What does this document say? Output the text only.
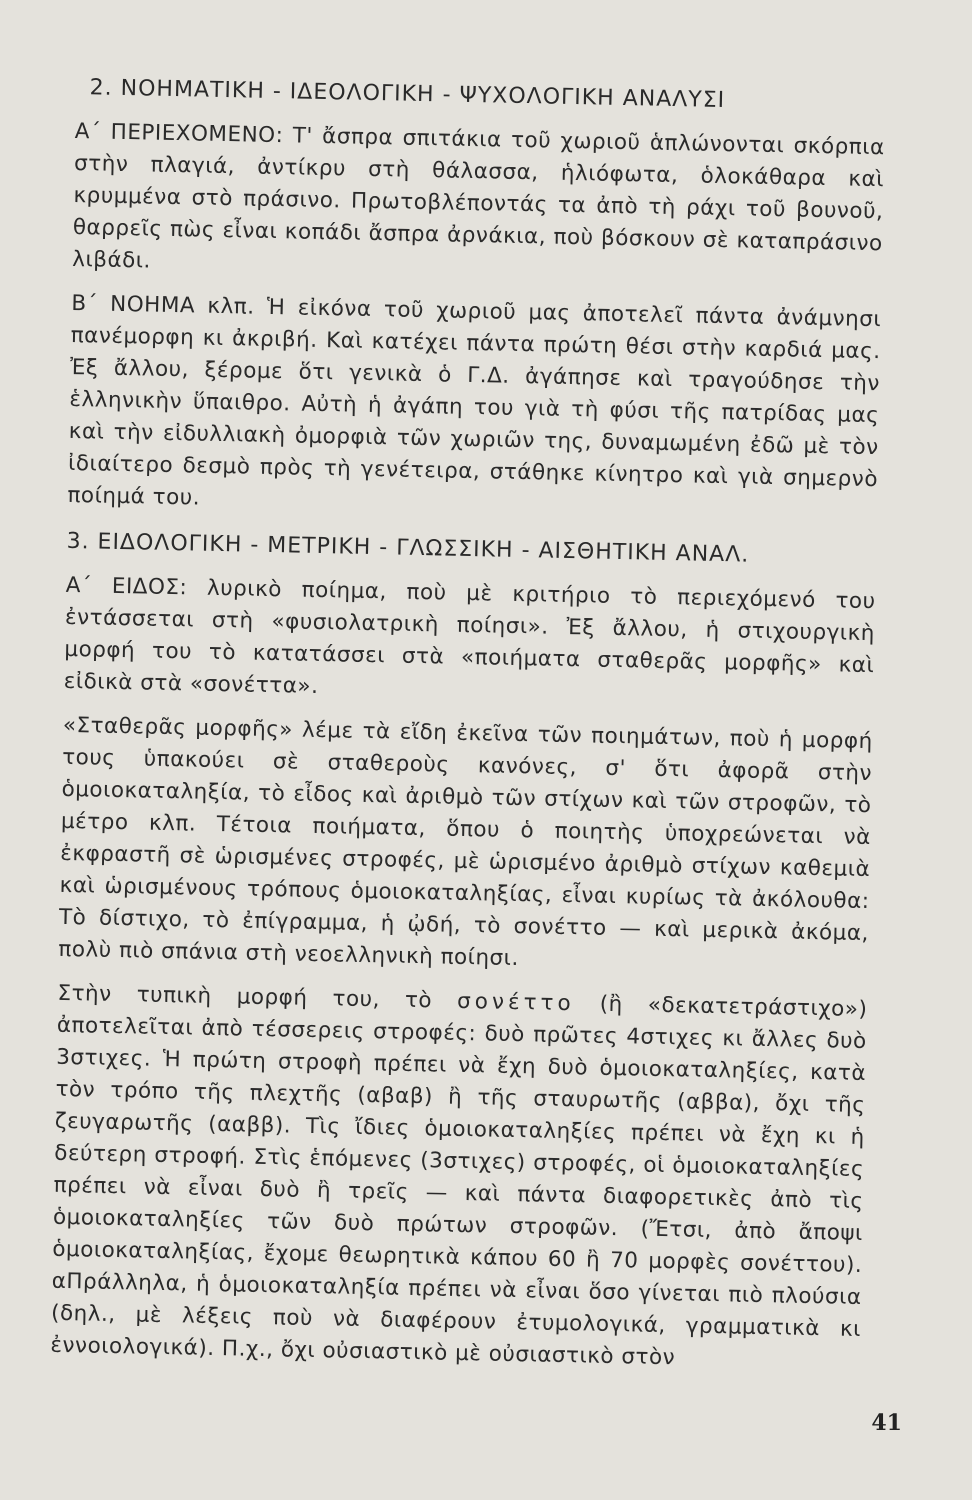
2. ΝΟΗΜΑΤΙΚΗ - ΙΔΕΟΛΟΓΙΚΗ - ΨΥΧΟΛΟΓΙΚΗ ΑΝΑΛΥΣΙ

Α΄ ΠΕΡΙΕΧΟΜΕΝΟ: Τ' ἄσπρα σπιτάκια τοῦ χωριοῦ ἁπλώνονται σκόρπια στὴν πλαγιά, ἀντίκρυ στὴ θάλασσα, ἡλιόφωτα, ὁλοκάθαρα καὶ κρυμμένα στὸ πράσινο. Πρωτοβλέποντάς τα ἀπὸ τὴ ράχι τοῦ βουνοῦ, θαρρεῖς πὼς εἶναι κοπάδι ἄσπρα ἀρνάκια, ποὺ βόσκουν σὲ καταπράσινο λιβάδι.

Β΄ ΝΟΗΜΑ κλπ. Ἡ εἰκόνα τοῦ χωριοῦ μας ἀποτελεῖ πάντα ἀνάμνησι πανέμορφη κι ἀκριβή. Καὶ κατέχει πάντα πρώτη θέσι στὴν καρδιά μας. Ἐξ ἄλλου, ξέρομε ὅτι γενικὰ ὁ Γ.Δ. ἀγάπησε καὶ τραγούδησε τὴν ἑλληνικὴν ὕπαιθρο. Αὐτὴ ἡ ἀγάπη του γιὰ τὴ φύσι τῆς πατρίδας μας καὶ τὴν εἰδυλλιακὴ ὀμορφιὰ τῶν χωριῶν της, δυναμωμένη ἐδῶ μὲ τὸν ἰδιαίτερο δεσμὸ πρὸς τὴ γενέτειρα, στάθηκε κίνητρο καὶ γιὰ σημερνὸ ποίημά του.

3. ΕΙΔΟΛΟΓΙΚΗ - ΜΕΤΡΙΚΗ - ΓΛΩΣΣΙΚΗ - ΑΙΣΘΗΤΙΚΗ ΑΝΑΛ.

Α΄ ΕΙΔΟΣ: λυρικὸ ποίημα, ποὺ μὲ κριτήριο τὸ περιεχόμενό του ἐντάσσεται στὴ «φυσιολατρικὴ ποίησι». Ἐξ ἄλλου, ἡ στιχουργικὴ μορφή του τὸ κατατάσσει στὰ «ποιήματα σταθερᾶς μορφῆς» καὶ εἰδικὰ στὰ «σονέττα».

«Σταθερᾶς μορφῆς» λέμε τὰ εἴδη ἐκεῖνα τῶν ποιημάτων, ποὺ ἡ μορφή τους ὑπακούει σὲ σταθεροὺς κανόνες, σ' ὅτι ἀφορᾶ στὴν ὁμοιοκαταληξία, τὸ εἶδος καὶ ἀριθμὸ τῶν στίχων καὶ τῶν στροφῶν, τὸ μέτρο κλπ. Τέτοια ποιήματα, ὅπου ὁ ποιητὴς ὑποχρεώνεται νὰ ἐκφραστῆ σὲ ὡρισμένες στροφές, μὲ ὡρισμένο ἀριθμὸ στίχων καθεμιὰ καὶ ὡρισμένους τρόπους ὁμοιοκαταληξίας, εἶναι κυρίως τὰ ἀκόλουθα: Τὸ δίστιχο, τὸ ἐπίγραμμα, ἡ ᾠδή, τὸ σονέττο — καὶ μερικὰ ἀκόμα, πολὺ πιὸ σπάνια στὴ νεοελληνικὴ ποίησι.

Στὴν τυπικὴ μορφή του, τὸ σονέττο (ἢ «δεκατετράστιχο») ἀποτελεῖται ἀπὸ τέσσερεις στροφές: δυὸ πρῶτες 4στιχες κι ἄλλες δυὸ 3στιχες. Ἡ πρώτη στροφὴ πρέπει νὰ ἔχη δυὸ ὁμοιοκαταληξίες, κατὰ τὸν τρόπο τῆς πλεχτῆς (αβαβ) ἢ τῆς σταυρωτῆς (αββα), ὄχι τῆς ζευγαρωτῆς (ααββ). Τὶς ἴδιες ὁμοιοκαταληξίες πρέπει νὰ ἔχη κι ἡ δεύτερη στροφή. Στὶς ἑπόμενες (3στιχες) στροφές, οἱ ὁμοιοκαταληξίες πρέπει νὰ εἶναι δυὸ ἢ τρεῖς — καὶ πάντα διαφορετικὲς ἀπὸ τὶς ὁμοιοκαταληξίες τῶν δυὸ πρώτων στροφῶν. (Ἔτσι, ἀπὸ ἄποψι ὁμοιοκαταληξίας, ἔχομε θεωρητικὰ κάπου 60 ἢ 70 μορφὲς σονέττου). αΠράλληλα, ἡ ὁμοιοκαταληξία πρέπει νὰ εἶναι ὅσο γίνεται πιὸ πλούσια (δηλ., μὲ λέξεις ποὺ νὰ διαφέρουν ἐτυμολογικά, γραμματικὰ κι ἐννοιολογικά). Π.χ., ὄχι οὐσιαστικὸ μὲ οὐσιαστικὸ στὸν

41
